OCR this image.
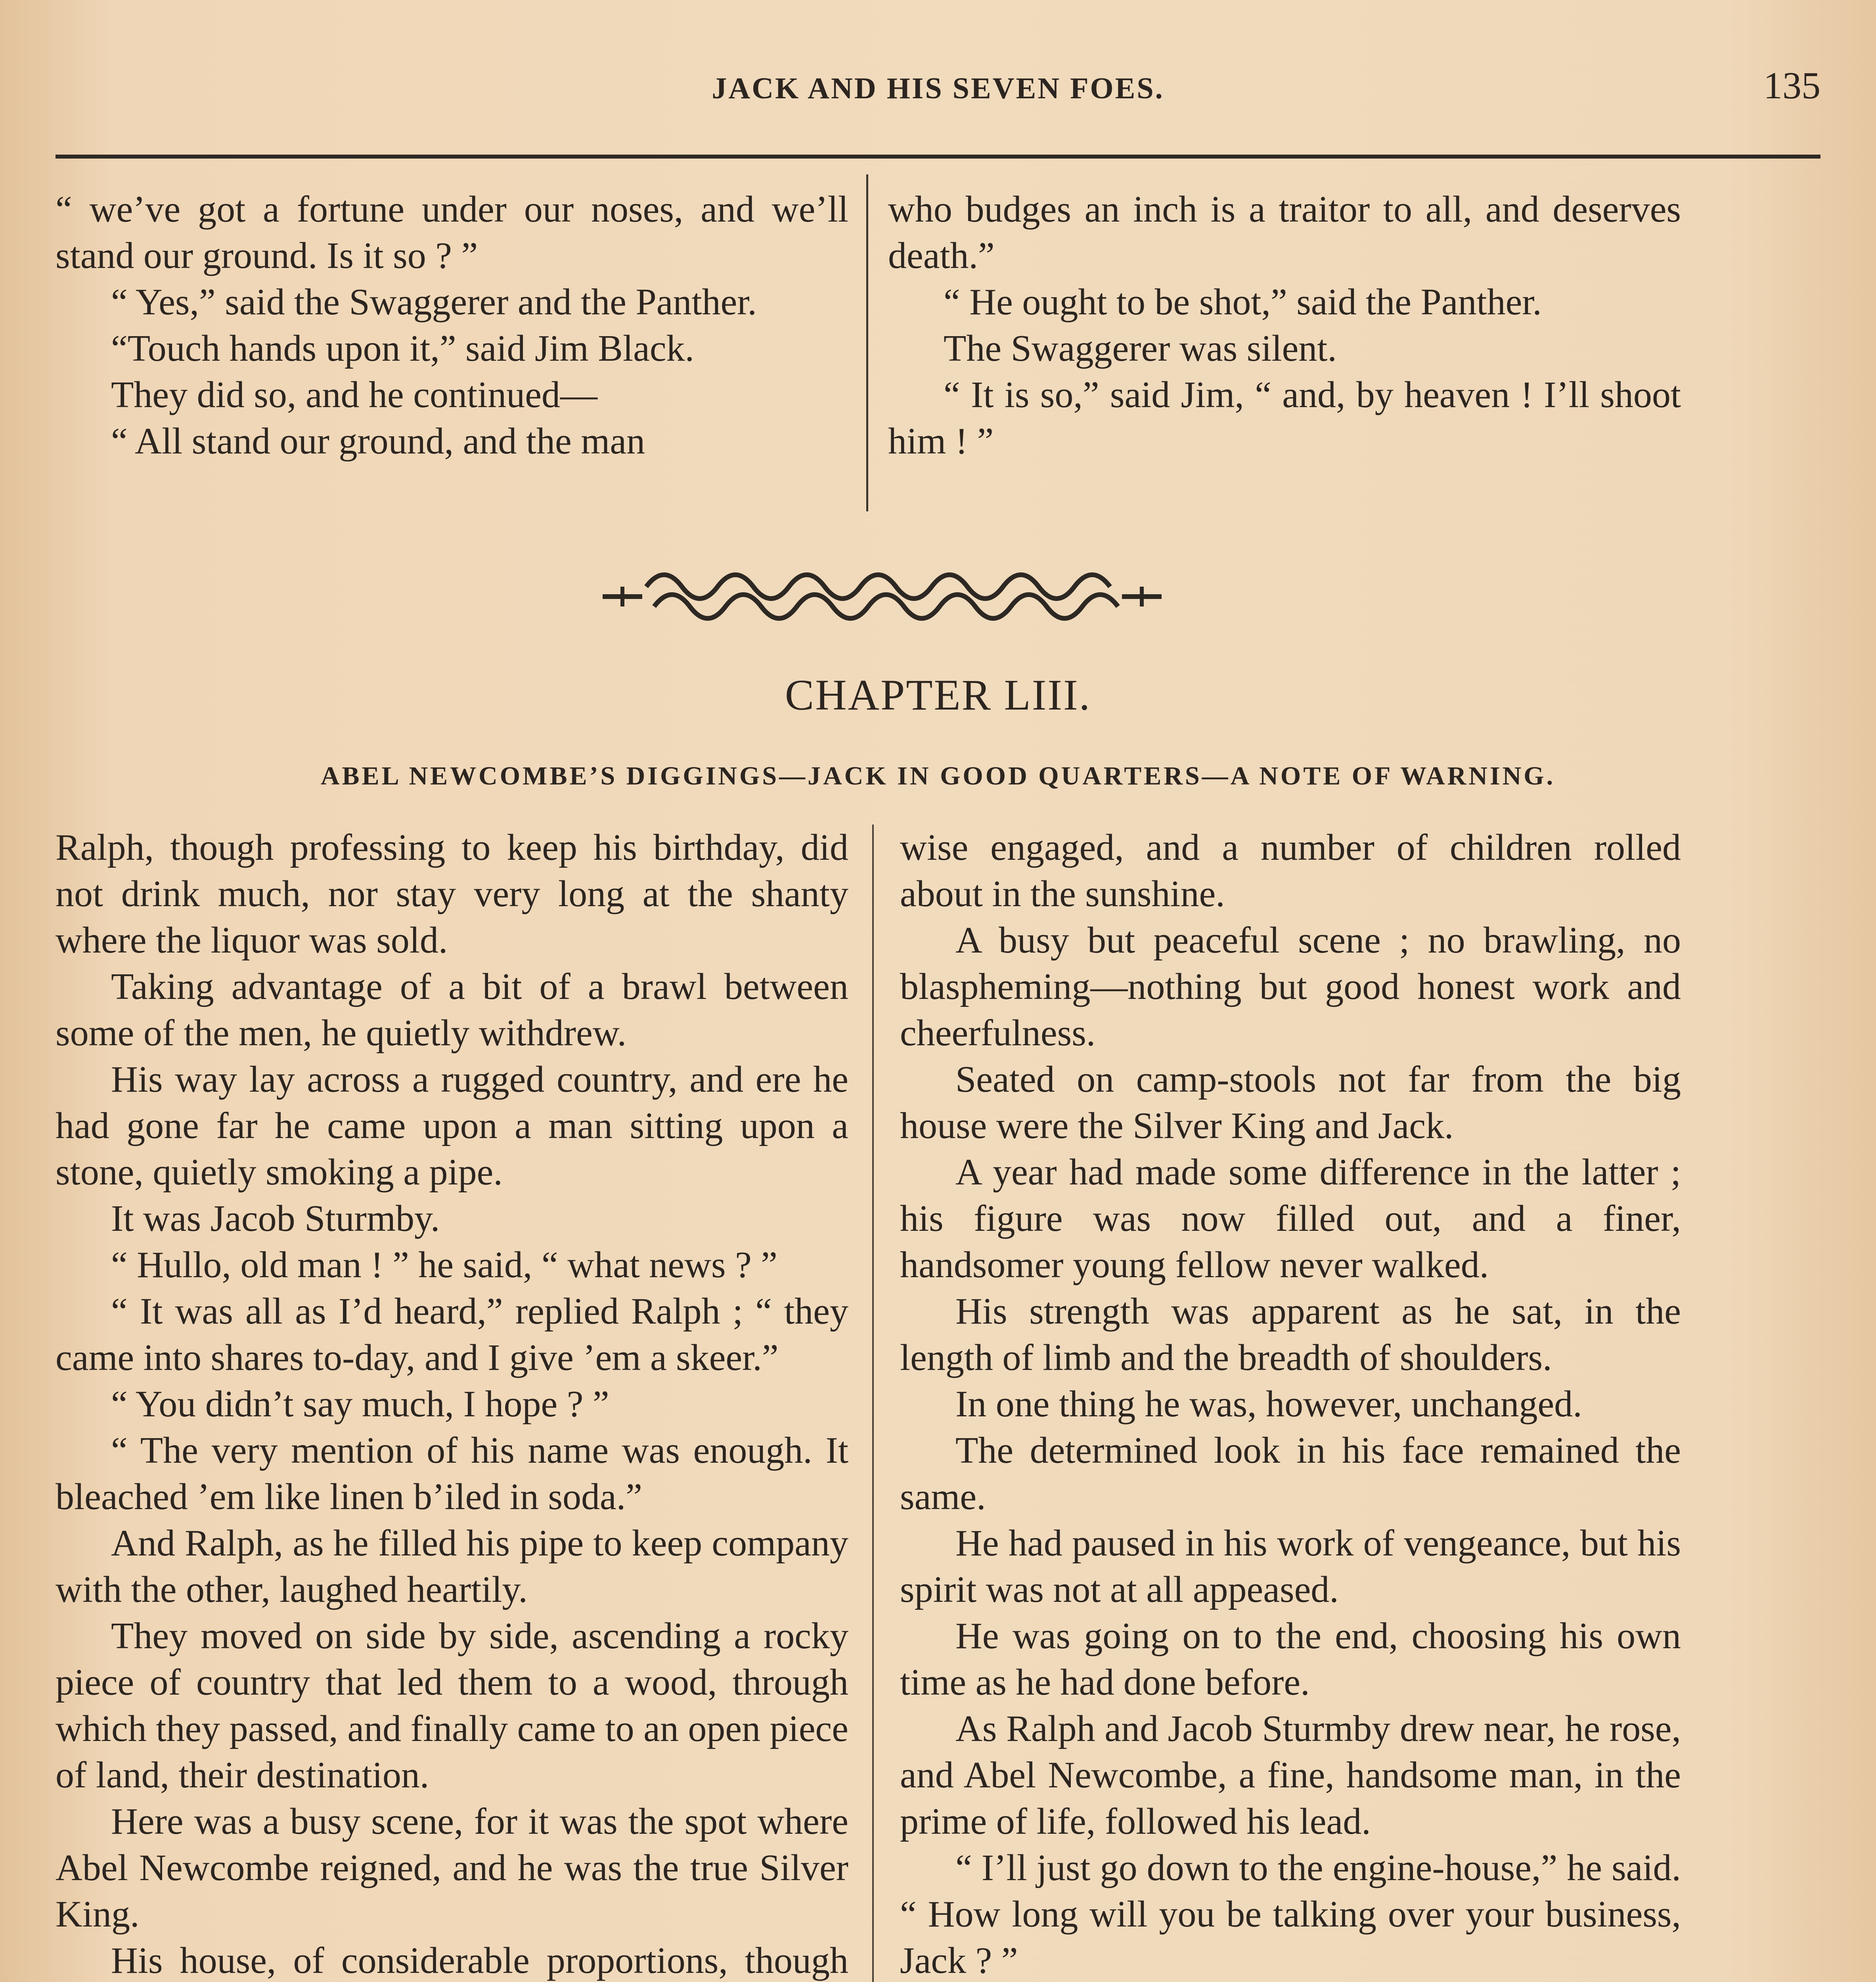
JACK AND HIS SEVEN FOES.	135

“ we’ve got a fortune under our noses, and we’ll stand our ground. Is it so ? ”

“ Yes,” said the Swaggerer and the Panther.

“Touch hands upon it,” said Jim Black.

They did so, and he continued—

“ All stand our ground, and the man

who budges an inch is a traitor to all, and deserves death.”

“ He ought to be shot,” said the Panther.

The Swaggerer was silent.

“ It is so,” said Jim, “ and, by heaven ! I’ll shoot him ! ”

CHAPTER LIII.
ABEL NEWCOMBE’S DIGGINGS—JACK IN GOOD QUARTERS—A NOTE OF WARNING.

Ralph, though professing to keep his birthday, did not drink much, nor stay very long at the shanty where the liquor was sold.

Taking advantage of a bit of a brawl between some of the men, he quietly withdrew.

His way lay across a rugged country, and ere he had gone far he came upon a man sitting upon a stone, quietly smoking a pipe.

It was Jacob Sturmby.

“ Hullo, old man ! ” he said, “ what news ? ”

“ It was all as I’d heard,” replied Ralph ; “ they came into shares to-day, and I give ’em a skeer.”

“ You didn’t say much, I hope ? ”

“ The very mention of his name was enough. It bleached ’em like linen b’iled in soda.”

And Ralph, as he filled his pipe to keep company with the other, laughed heartily.

They moved on side by side, ascending a rocky piece of country that led them to a wood, through which they passed, and finally came to an open piece of land, their destination.

Here was a busy scene, for it was the spot where Abel Newcombe reigned, and he was the true Silver King.

His house, of considerable proportions, though

wise engaged, and a number of children rolled about in the sunshine.

A busy but peaceful scene ; no brawling, no blaspheming—nothing but good honest work and cheerfulness.

Seated on camp-stools not far from the big house were the Silver King and Jack.

A year had made some difference in the latter ; his figure was now filled out, and a finer, handsomer young fellow never walked.

His strength was apparent as he sat, in the length of limb and the breadth of shoulders.

In one thing he was, however, unchanged.

The determined look in his face remained the same.

He had paused in his work of vengeance, but his spirit was not at all appeased.

He was going on to the end, choosing his own time as he had done before.

As Ralph and Jacob Sturmby drew near, he rose, and Abel Newcombe, a fine, handsome man, in the prime of life, followed his lead.

“ I’ll just go down to the engine-house,” he said. “ How long will you be talking over your business, Jack ? ”
